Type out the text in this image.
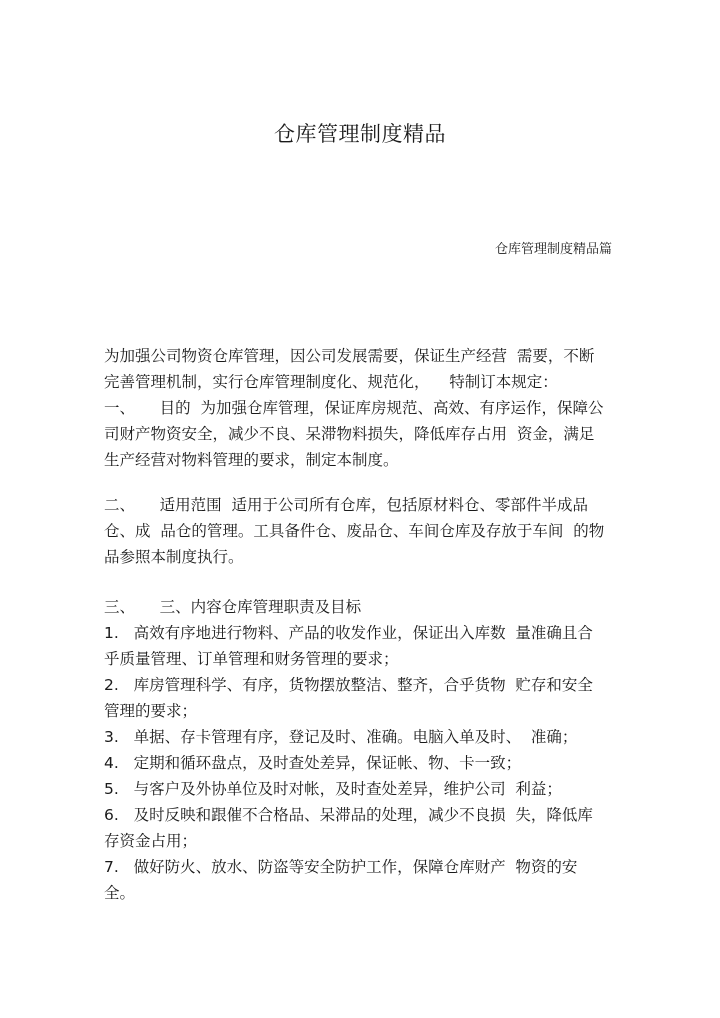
仓库管理制度精品

仓库管理制度精品篇

为加强公司物资仓库管理，因公司发展需要，保证生产经营  需要，不断
完善管理机制，实行仓库管理制度化、规范化，    特制订本规定：
一、     目的  为加强仓库管理，保证库房规范、高效、有序运作，保障公
司财产物资安全，减少不良、呆滞物料损失，降低库存占用  资金，满足
生产经营对物料管理的要求，制定本制度。
二、     适用范围  适用于公司所有仓库，包括原材料仓、零部件半成品
仓、成  品仓的管理。工具备件仓、废品仓、车间仓库及存放于车间  的物
品参照本制度执行。
三、     三、内容仓库管理职责及目标
1.   高效有序地进行物料、产品的收发作业，保证出入库数  量准确且合
乎质量管理、订单管理和财务管理的要求；
2.   库房管理科学、有序，货物摆放整洁、整齐，合乎货物  贮存和安全
管理的要求；
3.   单据、存卡管理有序，登记及时、准确。电脑入单及时、  准确；
4.   定期和循环盘点，及时查处差异，保证帐、物、卡一致；
5.   与客户及外协单位及时对帐，及时查处差异，维护公司  利益；
6.   及时反映和跟催不合格品、呆滞品的处理，减少不良损  失，降低库
存资金占用；
7.   做好防火、放水、防盗等安全防护工作，保障仓库财产  物资的安
全。
